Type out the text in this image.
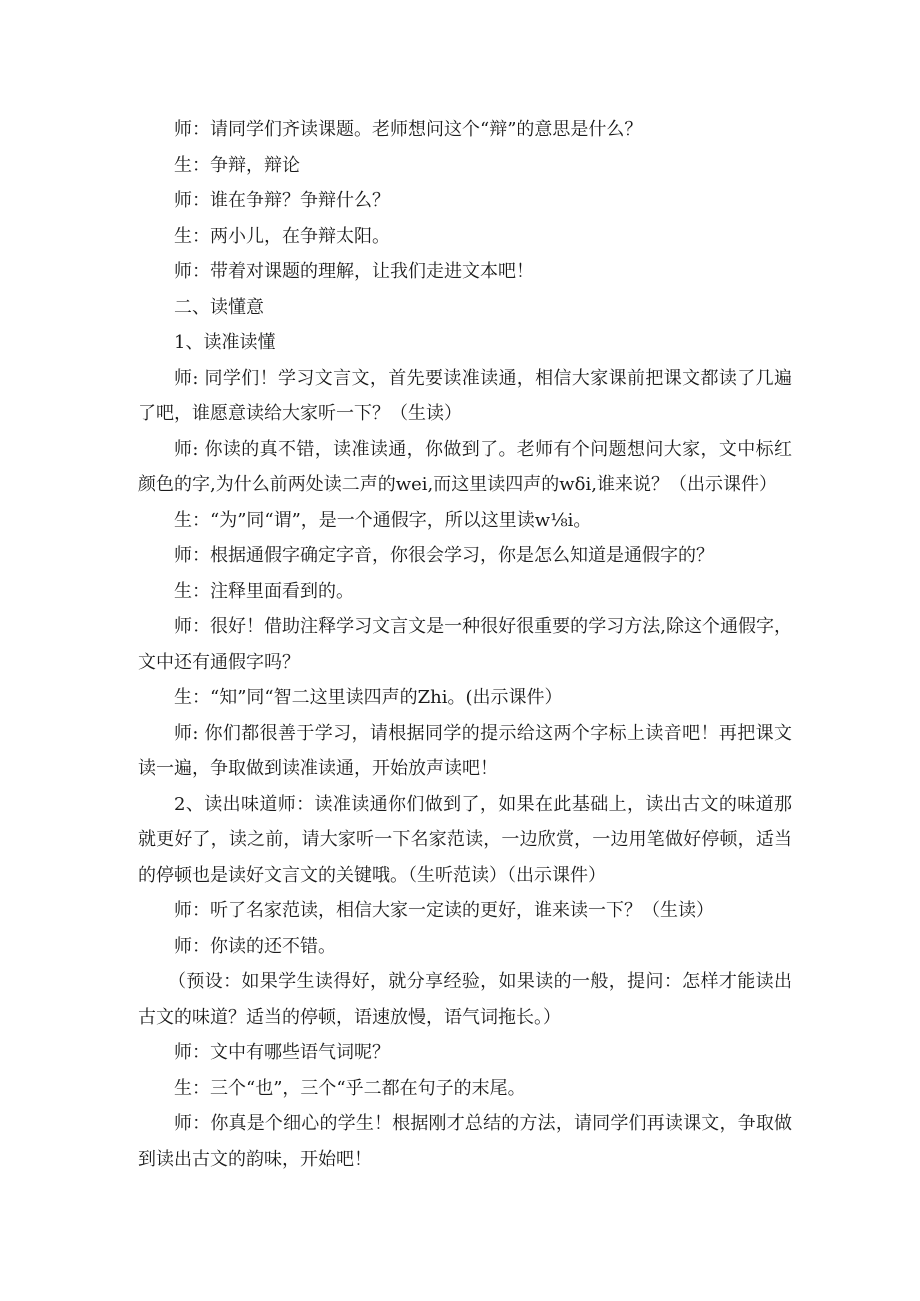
师：请同学们齐读课题。老师想问这个“辩”的意思是什么？

生：争辩，辩论

师：谁在争辩？争辩什么？

生：两小儿，在争辩太阳。

师：带着对课题的理解，让我们走进文本吧！

二、读懂意

1、读准读懂

师: 同学们！学习文言文，首先要读准读通，相信大家课前把课文都读了几遍了吧，谁愿意读给大家听一下？（生读）

师: 你读的真不错，读准读通，你做到了。老师有个问题想问大家，文中标红颜色的字,为什么前两处读二声的wei,而这里读四声的wδi,谁来说？（出示课件）

生：“为”同“谓”，是一个通假字，所以这里读w⅛i。

师：根据通假字确定字音，你很会学习，你是怎么知道是通假字的？

生：注释里面看到的。

师：很好！借助注释学习文言文是一种很好很重要的学习方法,除这个通假字，文中还有通假字吗？

生：“知”同“智二这里读四声的Zhi。(出示课件）

师: 你们都很善于学习，请根据同学的提示给这两个字标上读音吧！再把课文读一遍，争取做到读准读通，开始放声读吧！

2、读出味道师：读准读通你们做到了，如果在此基础上，读出古文的味道那就更好了，读之前，请大家听一下名家范读，一边欣赏，一边用笔做好停顿，适当的停顿也是读好文言文的关键哦。（生听范读）（出示课件）

师：听了名家范读，相信大家一定读的更好，谁来读一下？（生读）

师：你读的还不错。

（预设：如果学生读得好，就分享经验，如果读的一般，提问：怎样才能读出古文的味道？适当的停顿，语速放慢，语气词拖长。）

师：文中有哪些语气词呢？

生：三个“也”，三个“乎二都在句子的末尾。

师：你真是个细心的学生！根据刚才总结的方法，请同学们再读课文，争取做到读出古文的韵味，开始吧！
